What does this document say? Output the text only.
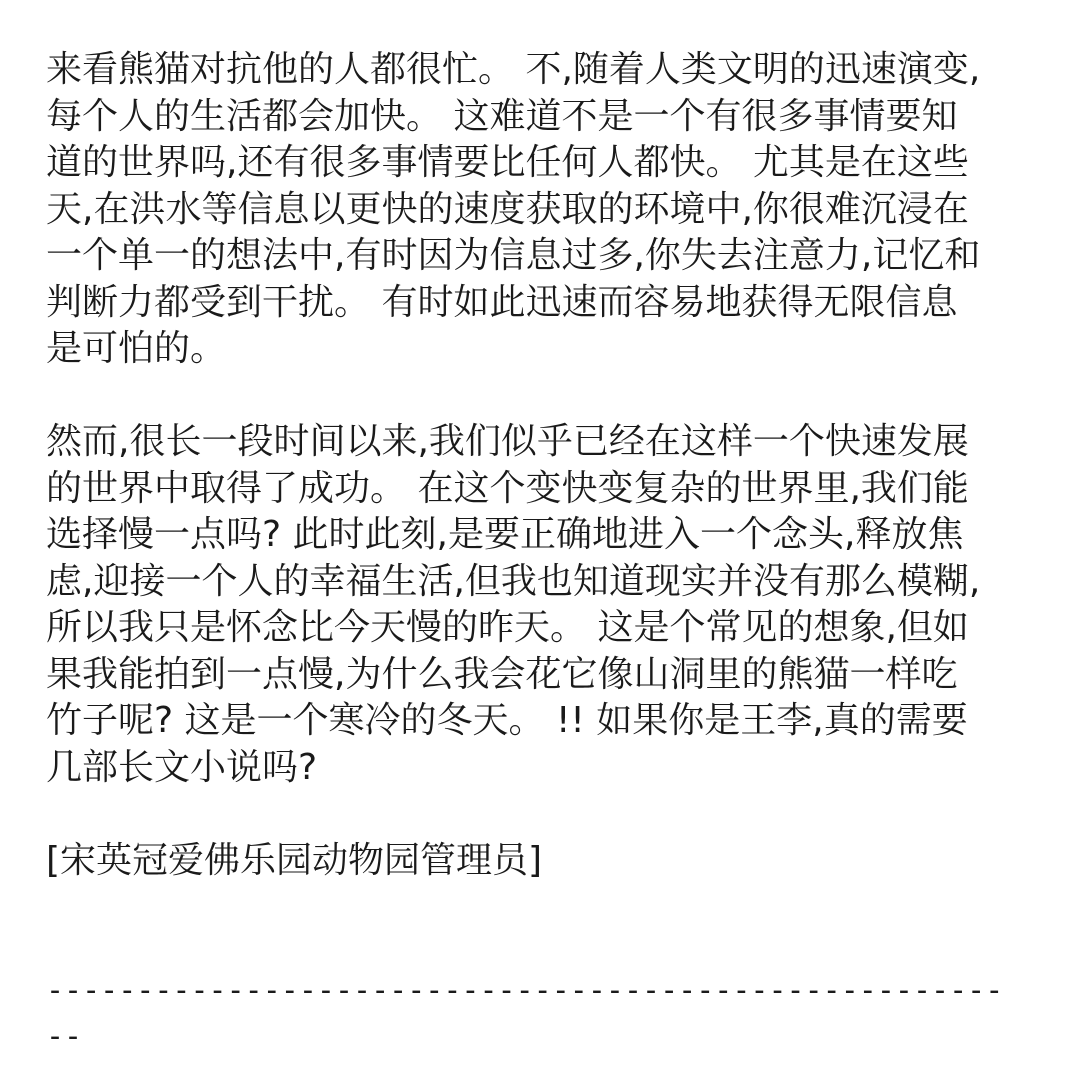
来看熊猫对抗他的人都很忙。 不,随着人类文明的迅速演变,
每个人的生活都会加快。 这难道不是一个有很多事情要知
道的世界吗,还有很多事情要比任何人都快。 尤其是在这些
天,在洪水等信息以更快的速度获取的环境中,你很难沉浸在
一个单一的想法中,有时因为信息过多,你失去注意力,记忆和
判断力都受到干扰。 有时如此迅速而容易地获得无限信息
是可怕的。
然而,很长一段时间以来,我们似乎已经在这样一个快速发展
的世界中取得了成功。 在这个变快变复杂的世界里,我们能
选择慢一点吗? 此时此刻,是要正确地进入一个念头,释放焦
虑,迎接一个人的幸福生活,但我也知道现实并没有那么模糊,
所以我只是怀念比今天慢的昨天。 这是个常见的想象,但如
果我能拍到一点慢,为什么我会花它像山洞里的熊猫一样吃
竹子呢? 这是一个寒冷的冬天。 !! 如果你是王李,真的需要
几部长文小说吗?
[宋英冠爱佛乐园动物园管理员]
-----------------------------------------------------
--
